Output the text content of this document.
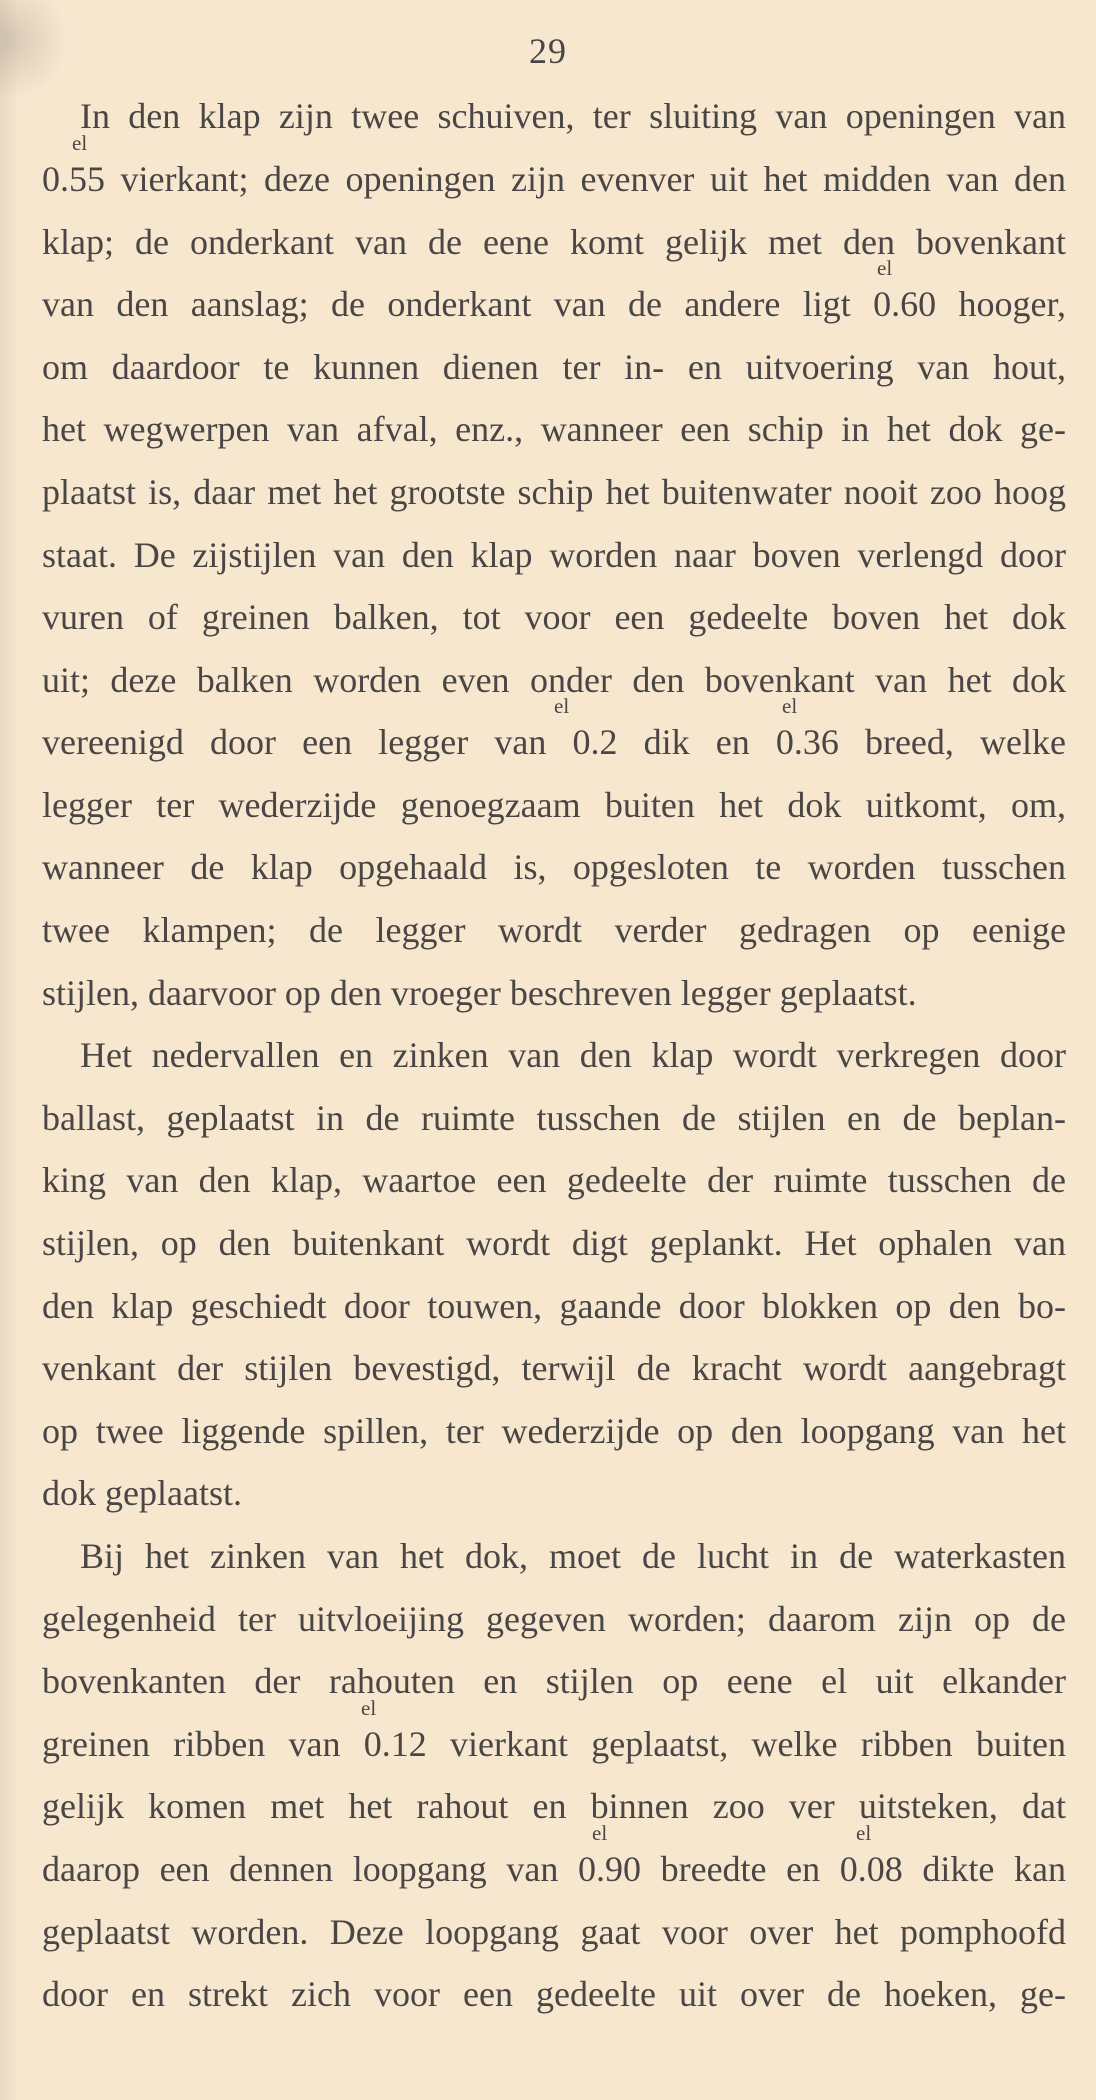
29
In den klap zijn twee schuiven, ter sluiting van openingen van
0.55 vierkant; deze openingen zijn evenver uit het midden van den
klap; de onderkant van de eene komt gelijk met den bovenkant
van den aanslag; de onderkant van de andere ligt 0.60 hooger,
om daardoor te kunnen dienen ter in- en uitvoering van hout,
het wegwerpen van afval, enz., wanneer een schip in het dok ge-
plaatst is, daar met het grootste schip het buitenwater nooit zoo hoog
staat. De zijstijlen van den klap worden naar boven verlengd door
vuren of greinen balken, tot voor een gedeelte boven het dok
uit; deze balken worden even onder den bovenkant van het dok
vereenigd door een legger van 0.2 dik en 0.36 breed, welke
legger ter wederzijde genoegzaam buiten het dok uitkomt, om,
wanneer de klap opgehaald is, opgesloten te worden tusschen
twee klampen; de legger wordt verder gedragen op eenige
stijlen, daarvoor op den vroeger beschreven legger geplaatst.
Het nedervallen en zinken van den klap wordt verkregen door
ballast, geplaatst in de ruimte tusschen de stijlen en de beplan-
king van den klap, waartoe een gedeelte der ruimte tusschen de
stijlen, op den buitenkant wordt digt geplankt. Het ophalen van
den klap geschiedt door touwen, gaande door blokken op den bo-
venkant der stijlen bevestigd, terwijl de kracht wordt aangebragt
op twee liggende spillen, ter wederzijde op den loopgang van het
dok geplaatst.
Bij het zinken van het dok, moet de lucht in de waterkasten
gelegenheid ter uitvloeijing gegeven worden; daarom zijn op de
bovenkanten der rahouten en stijlen op eene el uit elkander
greinen ribben van 0.12 vierkant geplaatst, welke ribben buiten
gelijk komen met het rahout en binnen zoo ver uitsteken, dat
daarop een dennen loopgang van 0.90 breedte en 0.08 dikte kan
geplaatst worden. Deze loopgang gaat voor over het pomphoofd
door en strekt zich voor een gedeelte uit over de hoeken, ge-
el
el
el	el
el
el	el
